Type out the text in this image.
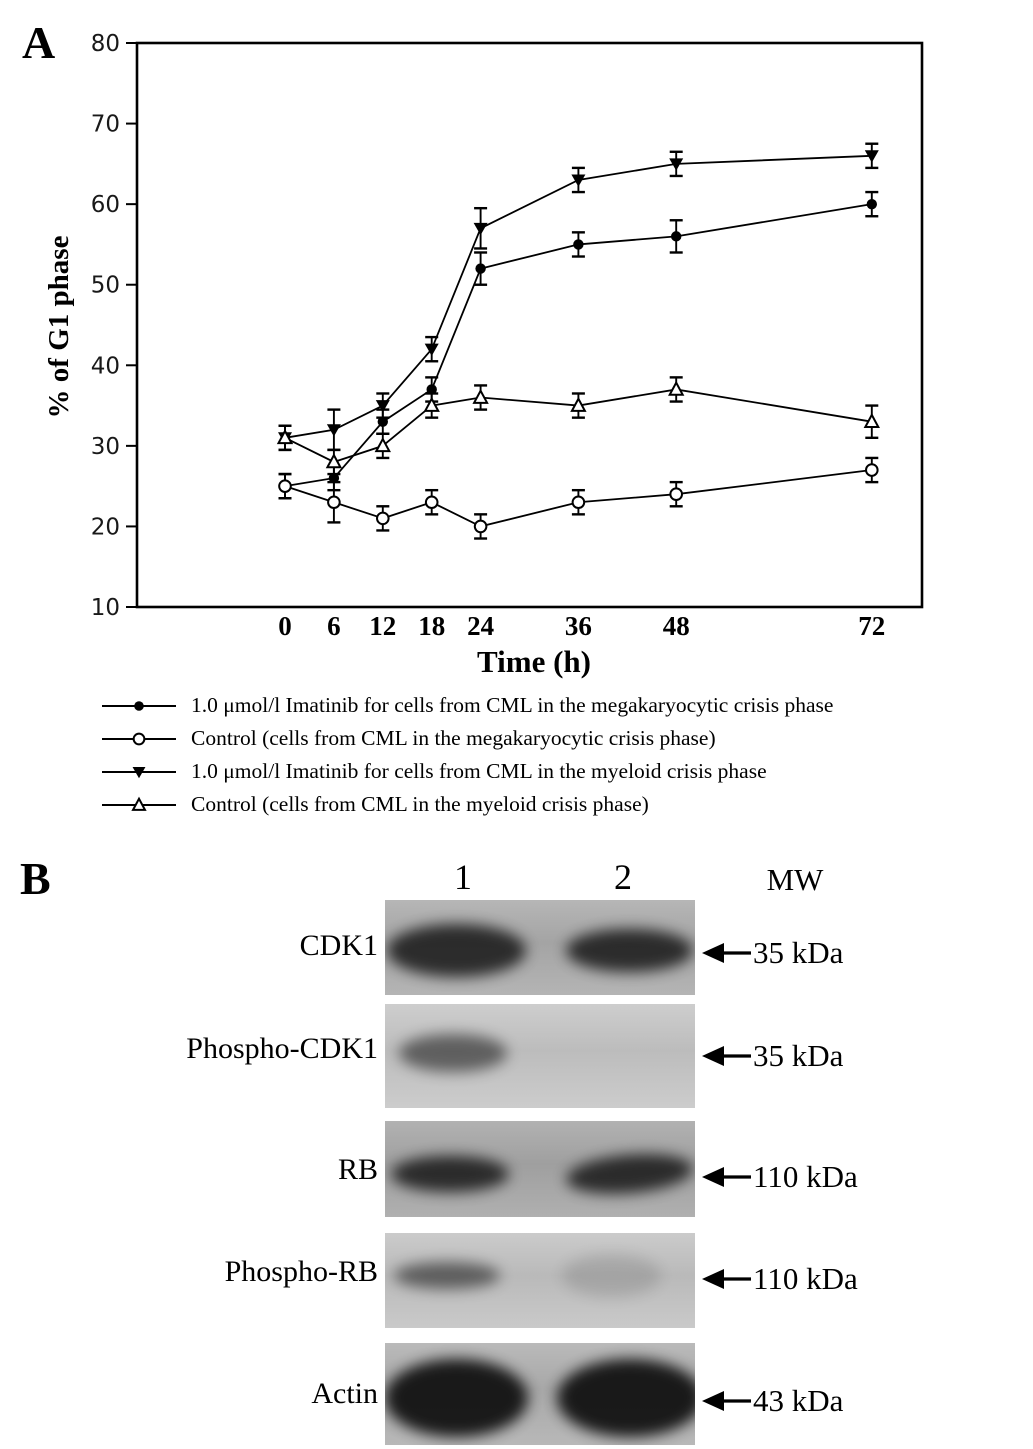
A
10
20
30
40
50
60
70
80
0 6 12 18 24	36	48	72
Time (h)
% of G1 phase
1.0 μmol/l Imatinib for cells from CML in the megakaryocytic crisis phase
Control (cells from CML in the megakaryocytic crisis phase)
1.0 μmol/l Imatinib for cells from CML in the myeloid crisis phase
Control (cells from CML in the myeloid crisis phase)
B	1	2	MW
CDK1	35 kDa
Phospho-CDK1	35 kDa
RB	110 kDa
Phospho-RB	110 kDa
Actin	43 kDa
